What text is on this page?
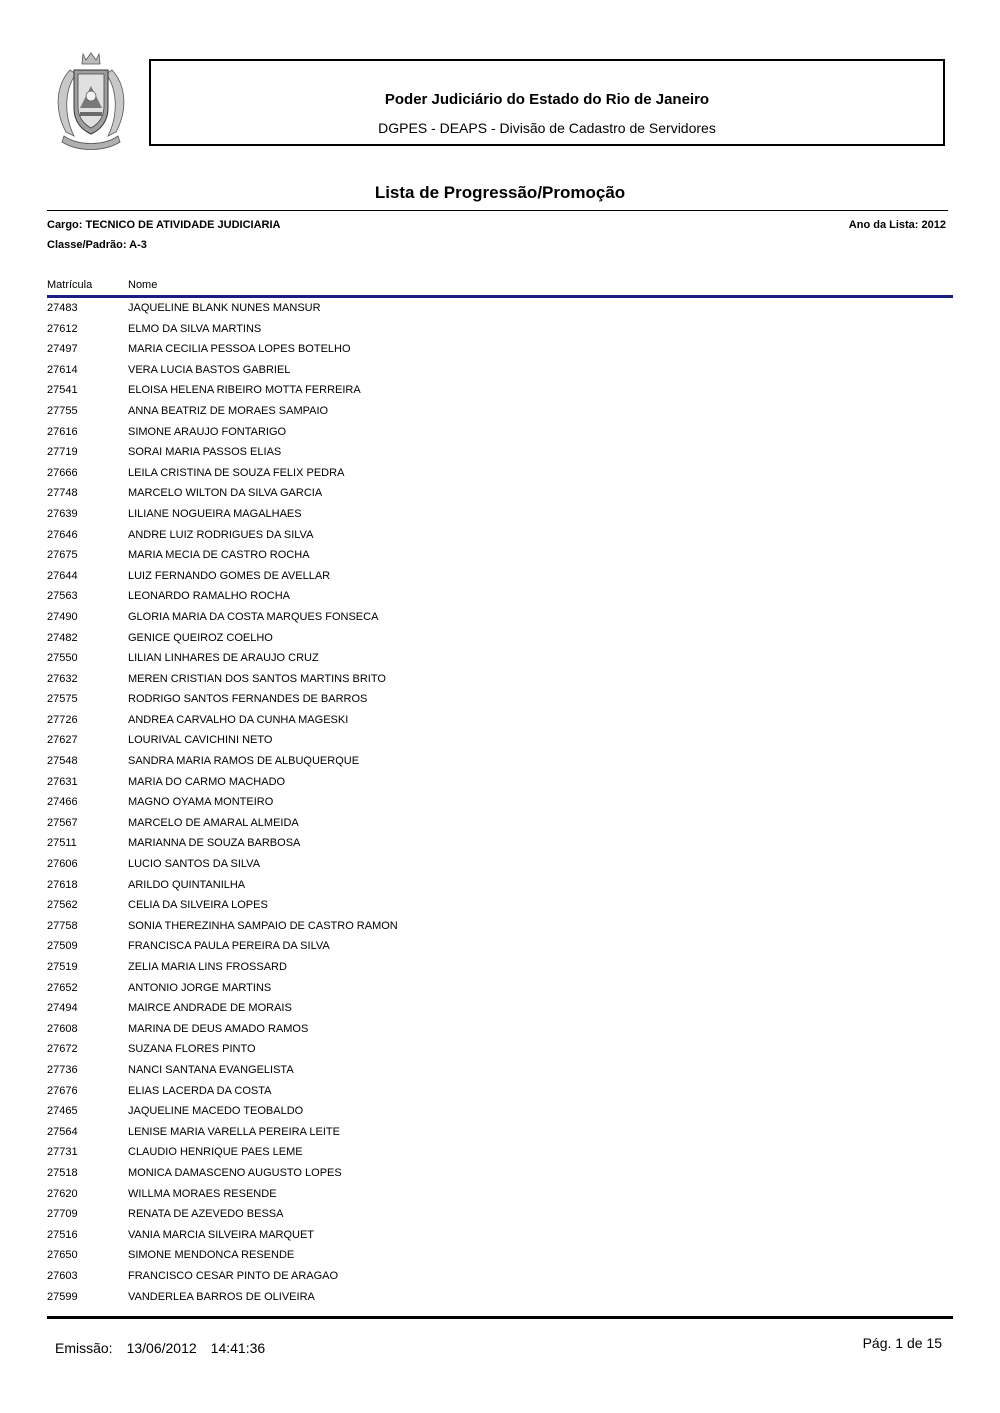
Poder Judiciário do Estado do Rio de Janeiro
DGPES - DEAPS - Divisão de Cadastro de Servidores
Lista de Progressão/Promoção
Cargo: TECNICO DE ATIVIDADE JUDICIARIA	Ano da Lista: 2012
Classe/Padrão: A-3
Matrícula	Nome
27483	JAQUELINE BLANK NUNES MANSUR
27612	ELMO DA SILVA MARTINS
27497	MARIA CECILIA PESSOA LOPES BOTELHO
27614	VERA LUCIA BASTOS GABRIEL
27541	ELOISA HELENA RIBEIRO MOTTA FERREIRA
27755	ANNA BEATRIZ DE MORAES SAMPAIO
27616	SIMONE ARAUJO FONTARIGO
27719	SORAI MARIA PASSOS ELIAS
27666	LEILA CRISTINA DE SOUZA FELIX PEDRA
27748	MARCELO WILTON DA SILVA GARCIA
27639	LILIANE NOGUEIRA MAGALHAES
27646	ANDRE LUIZ RODRIGUES DA SILVA
27675	MARIA MECIA DE CASTRO ROCHA
27644	LUIZ FERNANDO GOMES DE AVELLAR
27563	LEONARDO RAMALHO ROCHA
27490	GLORIA MARIA DA COSTA MARQUES FONSECA
27482	GENICE QUEIROZ COELHO
27550	LILIAN LINHARES DE ARAUJO CRUZ
27632	MEREN CRISTIAN DOS SANTOS MARTINS BRITO
27575	RODRIGO SANTOS FERNANDES DE BARROS
27726	ANDREA CARVALHO DA CUNHA MAGESKI
27627	LOURIVAL CAVICHINI NETO
27548	SANDRA MARIA RAMOS DE ALBUQUERQUE
27631	MARIA DO CARMO MACHADO
27466	MAGNO OYAMA MONTEIRO
27567	MARCELO DE AMARAL ALMEIDA
27511	MARIANNA DE SOUZA BARBOSA
27606	LUCIO SANTOS DA SILVA
27618	ARILDO QUINTANILHA
27562	CELIA DA SILVEIRA LOPES
27758	SONIA THEREZINHA SAMPAIO DE CASTRO RAMON
27509	FRANCISCA PAULA PEREIRA DA SILVA
27519	ZELIA MARIA LINS FROSSARD
27652	ANTONIO JORGE MARTINS
27494	MAIRCE ANDRADE DE MORAIS
27608	MARINA DE DEUS AMADO RAMOS
27672	SUZANA FLORES PINTO
27736	NANCI SANTANA EVANGELISTA
27676	ELIAS LACERDA DA COSTA
27465	JAQUELINE MACEDO TEOBALDO
27564	LENISE MARIA VARELLA PEREIRA LEITE
27731	CLAUDIO HENRIQUE PAES LEME
27518	MONICA DAMASCENO AUGUSTO LOPES
27620	WILLMA MORAES RESENDE
27709	RENATA DE AZEVEDO BESSA
27516	VANIA MARCIA SILVEIRA MARQUET
27650	SIMONE MENDONCA RESENDE
27603	FRANCISCO CESAR PINTO DE ARAGAO
27599	VANDERLEA BARROS DE OLIVEIRA
Emissão: 13/06/2012 14:41:36	Pág. 1 de 15
